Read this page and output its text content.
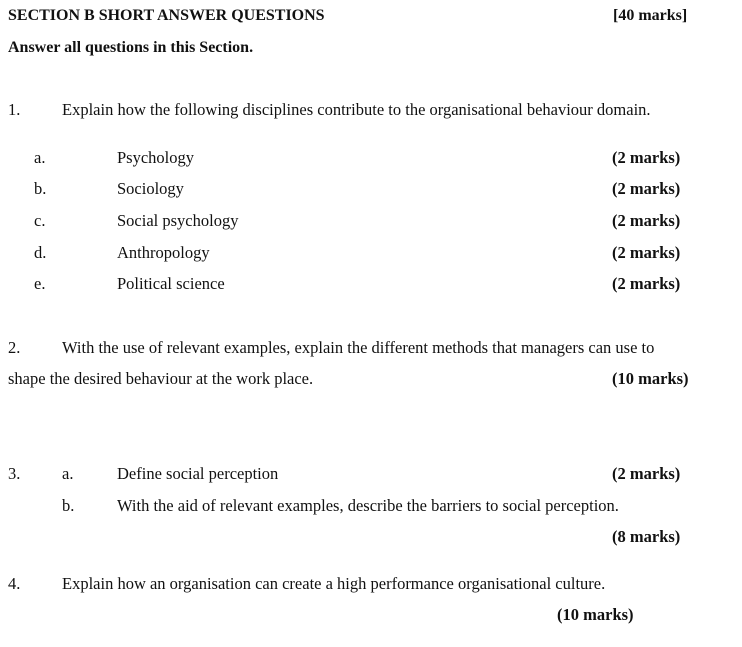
SECTION B SHORT ANSWER QUESTIONS	[40 marks]
Answer all questions in this Section.
1.	Explain how the following disciplines contribute to the organisational behaviour domain.
a.	Psychology	(2 marks)
b.	Sociology	(2 marks)
c.	Social psychology	(2 marks)
d.	Anthropology	(2 marks)
e.	Political science	(2 marks)
2.	With the use of relevant examples, explain the different methods that managers can use to
shape the desired behaviour at the work place.	(10 marks)
3.	a.	Define social perception	(2 marks)
b.	With the aid of relevant examples, describe the barriers to social perception.
(8 marks)
4.	Explain how an organisation can create a high performance organisational culture.
(10 marks)
